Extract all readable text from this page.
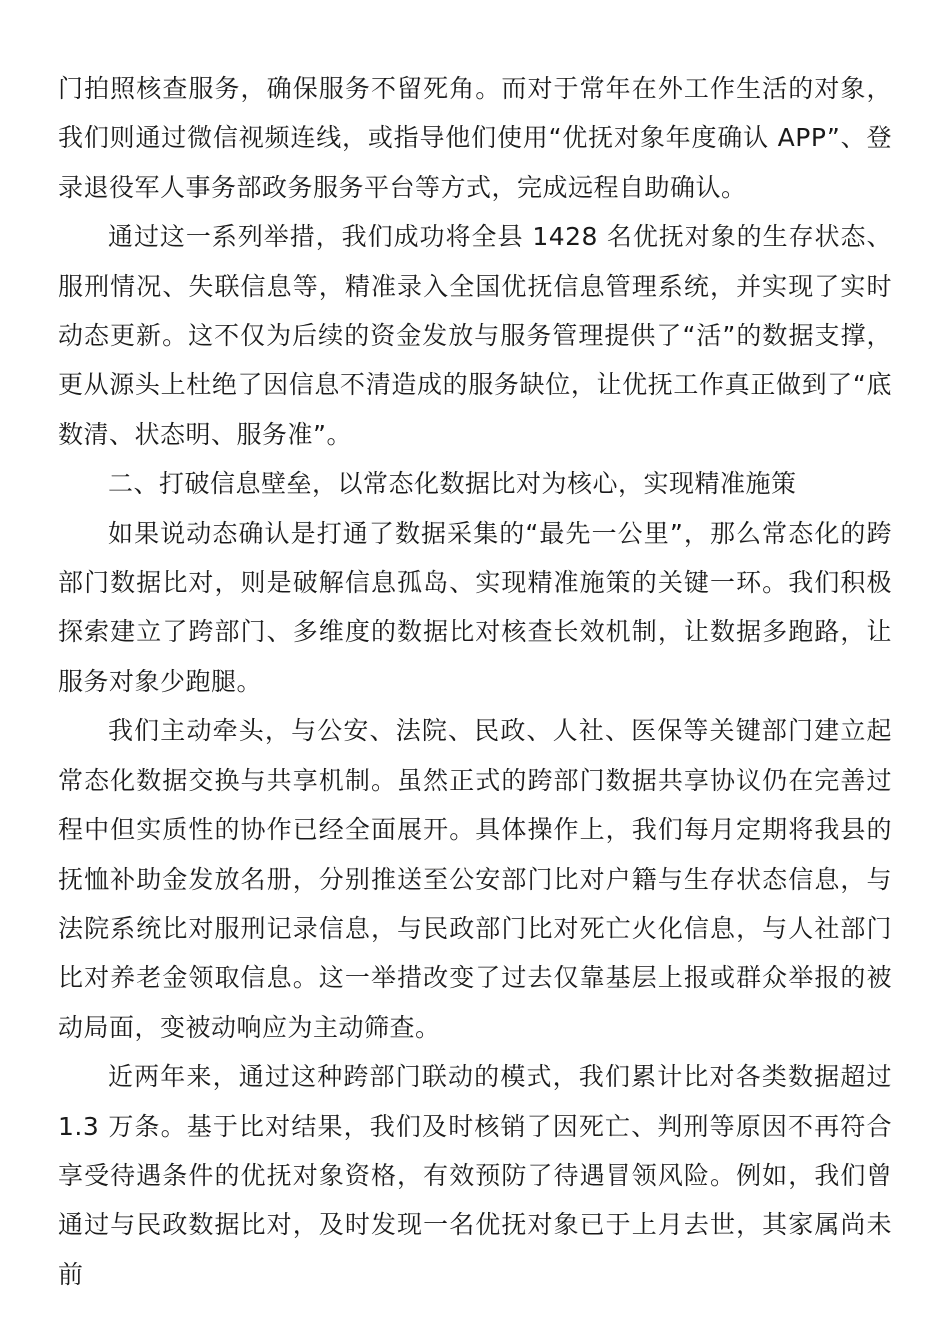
门拍照核查服务，确保服务不留死角。而对于常年在外工作生活的对象，我们则通过微信视频连线，或指导他们使用“优抚对象年度确认 APP”、登录退役军人事务部政务服务平台等方式，完成远程自助确认。

通过这一系列举措，我们成功将全县 1428 名优抚对象的生存状态、服刑情况、失联信息等，精准录入全国优抚信息管理系统，并实现了实时动态更新。这不仅为后续的资金发放与服务管理提供了“活”的数据支撑，更从源头上杜绝了因信息不清造成的服务缺位，让优抚工作真正做到了“底数清、状态明、服务准”。

二、打破信息壁垒，以常态化数据比对为核心，实现精准施策

如果说动态确认是打通了数据采集的“最先一公里”，那么常态化的跨部门数据比对，则是破解信息孤岛、实现精准施策的关键一环。我们积极探索建立了跨部门、多维度的数据比对核查长效机制，让数据多跑路，让服务对象少跑腿。

我们主动牵头，与公安、法院、民政、人社、医保等关键部门建立起常态化数据交换与共享机制。虽然正式的跨部门数据共享协议仍在完善过程中但实质性的协作已经全面展开。具体操作上，我们每月定期将我县的抚恤补助金发放名册，分别推送至公安部门比对户籍与生存状态信息，与法院系统比对服刑记录信息，与民政部门比对死亡火化信息，与人社部门比对养老金领取信息。这一举措改变了过去仅靠基层上报或群众举报的被动局面，变被动响应为主动筛查。

近两年来，通过这种跨部门联动的模式，我们累计比对各类数据超过 1.3 万条。基于比对结果，我们及时核销了因死亡、判刑等原因不再符合享受待遇条件的优抚对象资格，有效预防了待遇冒领风险。例如，我们曾通过与民政数据比对，及时发现一名优抚对象已于上月去世，其家属尚未前
